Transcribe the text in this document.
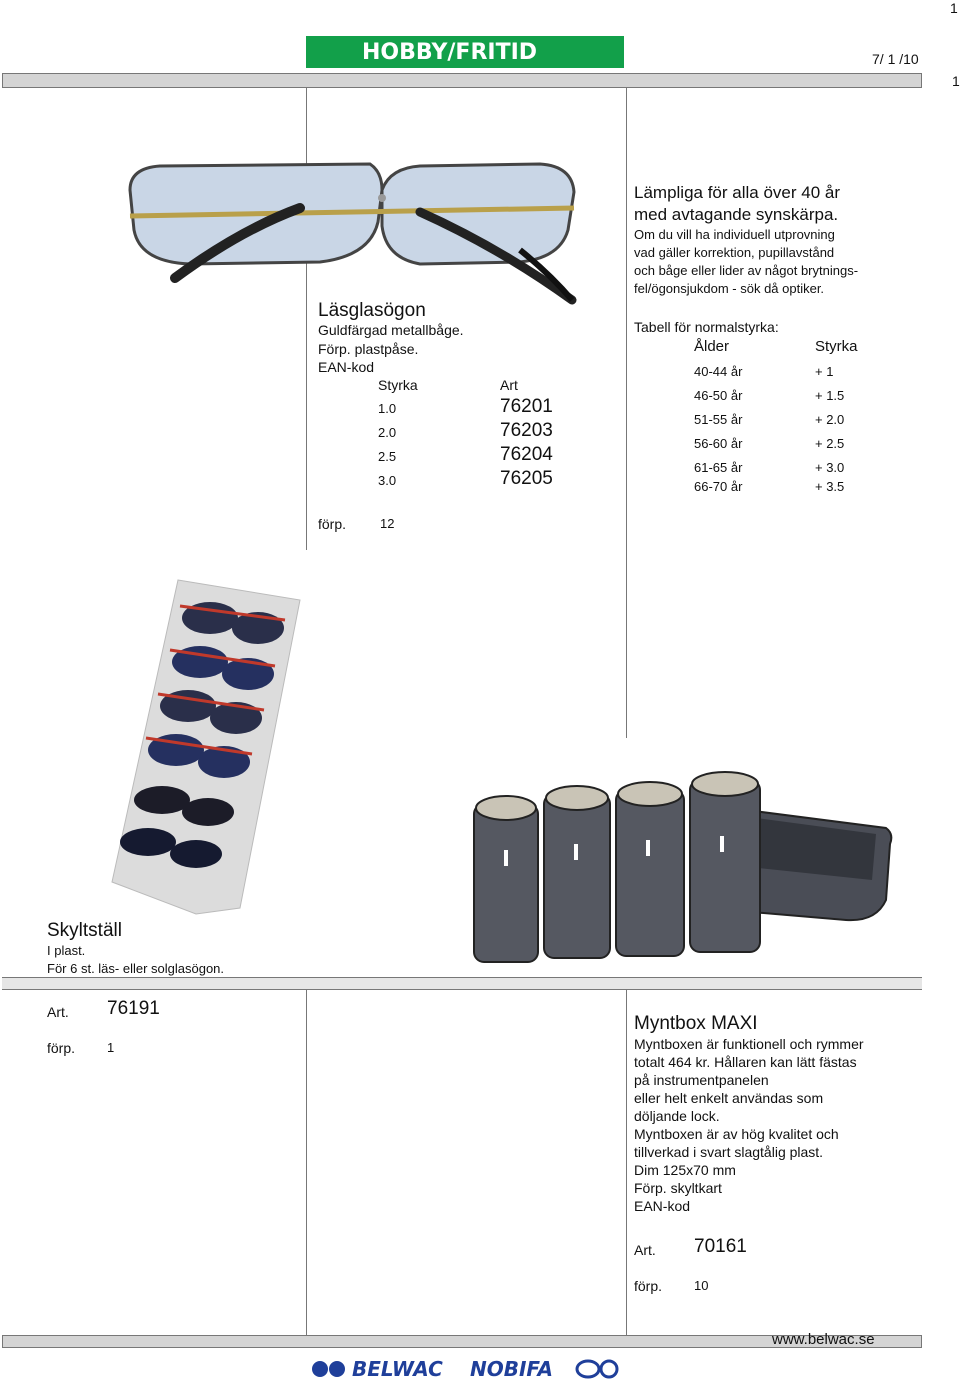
1
HOBBY/FRITID	7/ 1 /10
1
Läsglasögon
Guldfärgad metallbåge.
Förp. plastpåse.
EAN-kod
Styrka	Art
1.0	76201
2.0	76203
2.5	76204
3.0	76205
förp.	12
Lämpliga för alla över 40 år
med avtagande synskärpa.
Om du vill ha individuell utprovning
vad gäller korrektion, pupillavstånd
och båge eller lider av något brytnings-
fel/ögonsjukdom - sök då optiker.
Tabell för normalstyrka:
Ålder	Styrka
40-44 år	+ 1
46-50 år	+ 1.5
51-55 år	+ 2.0
56-60 år	+ 2.5
61-65 år	+ 3.0
66-70 år	+ 3.5
Skyltställ
I plast.
För 6 st. läs- eller solglasögon.
Art. 76191
förp. 1
Myntbox MAXI
Myntboxen är funktionell och rymmer
totalt 464 kr. Hållaren kan lätt fästas
på instrumentpanelen
eller helt enkelt användas som
döljande lock.
Myntboxen är av hög kvalitet och
tillverkad i svart slagtålig plast.
Dim 125x70 mm
Förp. skyltkart
EAN-kod
Art. 70161
förp. 10
www.belwac.se
BELWAC NOBIFA
